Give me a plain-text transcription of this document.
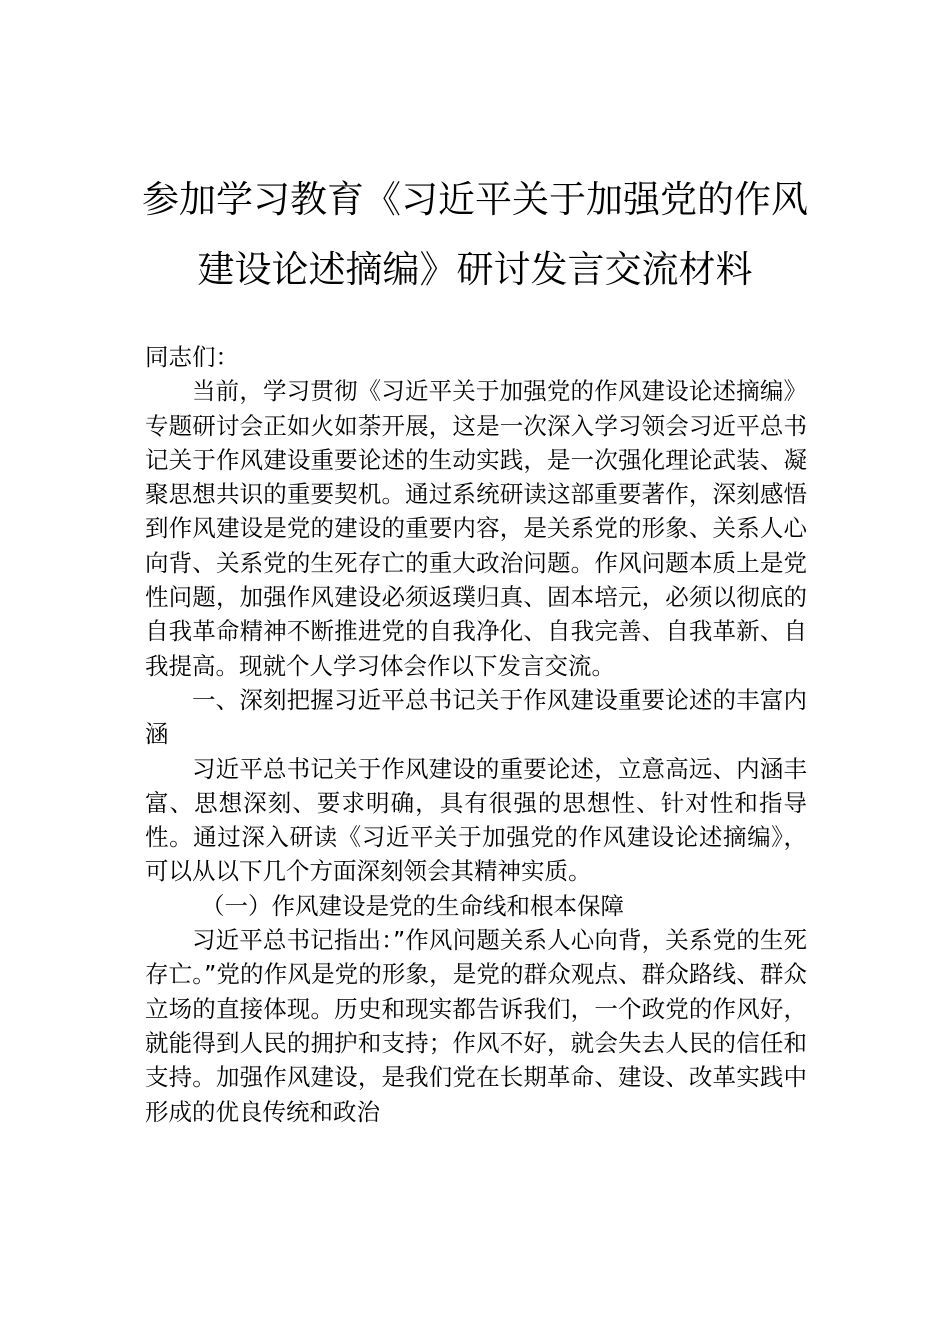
参加学习教育《习近平关于加强党的作风
建设论述摘编》研讨发言交流材料

同志们：

当前，学习贯彻《习近平关于加强党的作风建设论述摘编》专题研讨会正如火如荼开展，这是一次深入学习领会习近平总书记关于作风建设重要论述的生动实践，是一次强化理论武装、凝聚思想共识的重要契机。通过系统研读这部重要著作，深刻感悟到作风建设是党的建设的重要内容，是关系党的形象、关系人心向背、关系党的生死存亡的重大政治问题。作风问题本质上是党性问题，加强作风建设必须返璞归真、固本培元，必须以彻底的自我革命精神不断推进党的自我净化、自我完善、自我革新、自我提高。现就个人学习体会作以下发言交流。

一、深刻把握习近平总书记关于作风建设重要论述的丰富内涵

习近平总书记关于作风建设的重要论述，立意高远、内涵丰富、思想深刻、要求明确，具有很强的思想性、针对性和指导性。通过深入研读《习近平关于加强党的作风建设论述摘编》，可以从以下几个方面深刻领会其精神实质。

（一）作风建设是党的生命线和根本保障

习近平总书记指出：”作风问题关系人心向背，关系党的生死存亡。”党的作风是党的形象，是党的群众观点、群众路线、群众立场的直接体现。历史和现实都告诉我们，一个政党的作风好，就能得到人民的拥护和支持；作风不好，就会失去人民的信任和支持。加强作风建设，是我们党在长期革命、建设、改革实践中形成的优良传统和政治
